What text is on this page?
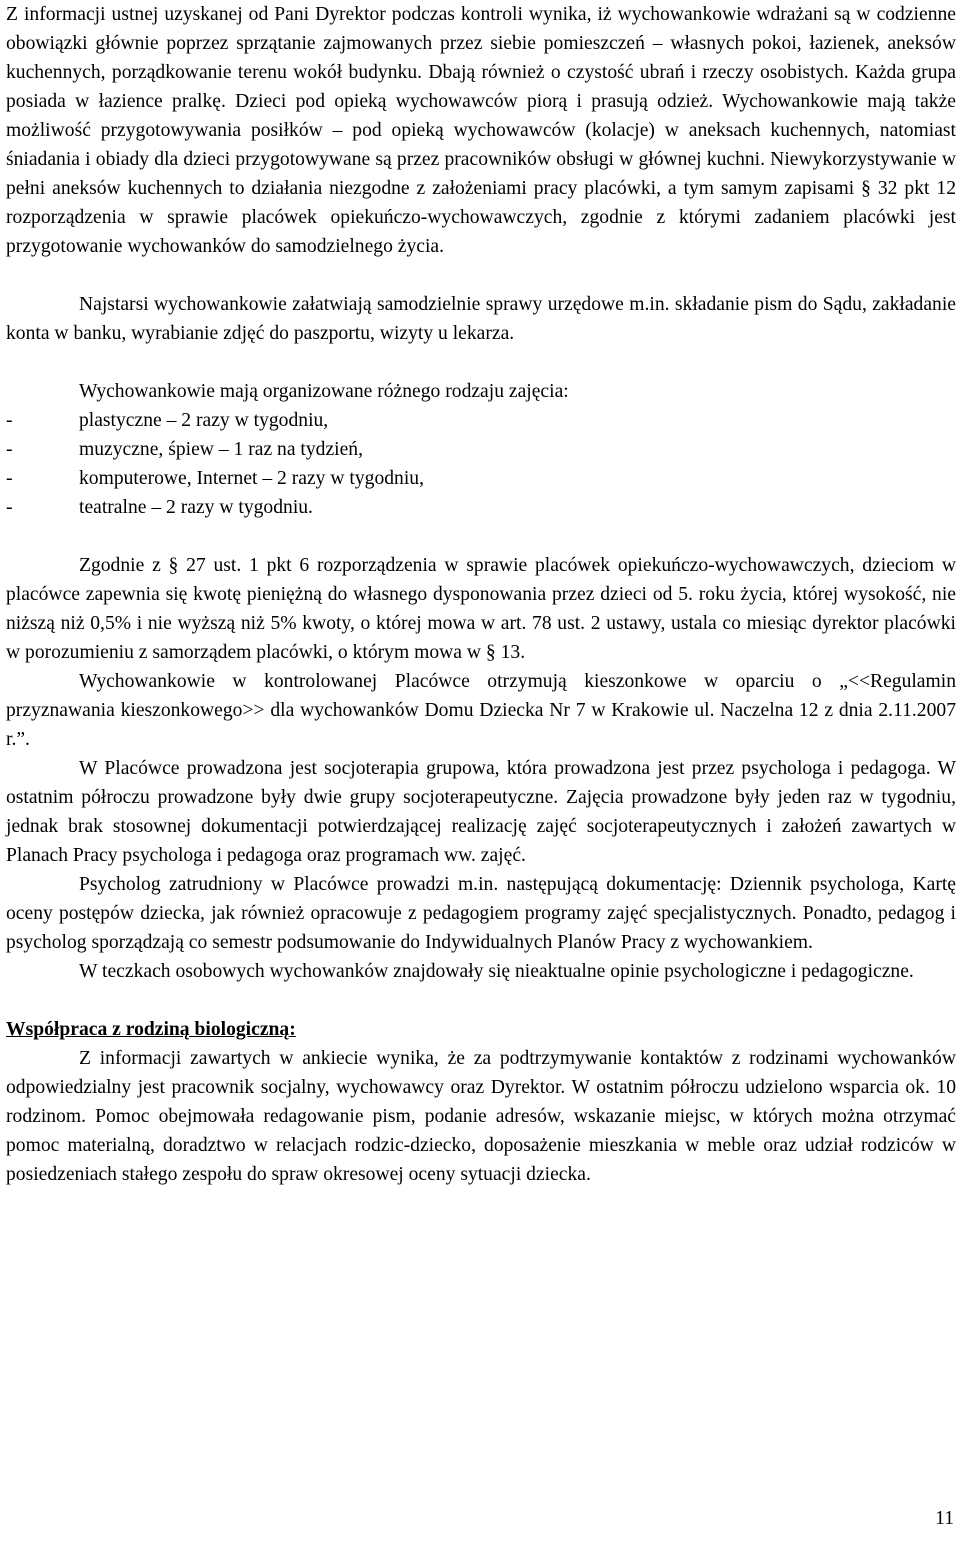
Z informacji ustnej uzyskanej od Pani Dyrektor podczas kontroli wynika, iż wychowankowie wdrażani są w codzienne obowiązki głównie poprzez sprzątanie zajmowanych przez siebie pomieszczeń – własnych pokoi, łazienek, aneksów kuchennych, porządkowanie terenu wokół budynku. Dbają również o czystość ubrań i rzeczy osobistych. Każda grupa posiada w łazience pralkę. Dzieci pod opieką wychowawców piorą i prasują odzież. Wychowankowie mają także możliwość przygotowywania posiłków – pod opieką wychowawców (kolacje) w aneksach kuchennych, natomiast śniadania i obiady dla dzieci przygotowywane są przez pracowników obsługi w głównej kuchni. Niewykorzystywanie w pełni aneksów kuchennych to działania niezgodne z założeniami pracy placówki, a tym samym zapisami § 32 pkt 12 rozporządzenia w sprawie placówek opiekuńczo-wychowawczych, zgodnie z którymi zadaniem placówki jest przygotowanie wychowanków do samodzielnego życia.

Najstarsi wychowankowie załatwiają samodzielnie sprawy urzędowe m.in. składanie pism do Sądu, zakładanie konta w banku, wyrabianie zdjęć do paszportu, wizyty u lekarza.

Wychowankowie mają organizowane różnego rodzaju zajęcia:

-	plastyczne – 2 razy w tygodniu,
-	muzyczne, śpiew – 1 raz na tydzień,
-	komputerowe, Internet – 2 razy w tygodniu,
-	teatralne – 2 razy w tygodniu.

Zgodnie z § 27 ust. 1 pkt 6 rozporządzenia w sprawie placówek opiekuńczo-wychowawczych, dzieciom w placówce zapewnia się kwotę pieniężną do własnego dysponowania przez dzieci od 5. roku życia, której wysokość, nie niższą niż 0,5% i nie wyższą niż 5% kwoty, o której mowa w art. 78 ust. 2 ustawy, ustala co miesiąc dyrektor placówki w porozumieniu z samorządem placówki, o którym mowa w § 13.

Wychowankowie w kontrolowanej Placówce otrzymują kieszonkowe w oparciu o „<<Regulamin przyznawania kieszonkowego>> dla wychowanków Domu Dziecka Nr 7 w Krakowie ul. Naczelna 12 z dnia 2.11.2007 r.”.

W Placówce prowadzona jest socjoterapia grupowa, która prowadzona jest przez psychologa i pedagoga. W ostatnim półroczu prowadzone były dwie grupy socjoterapeutyczne. Zajęcia prowadzone były jeden raz w tygodniu, jednak brak stosownej dokumentacji potwierdzającej realizację zajęć socjoterapeutycznych i założeń zawartych w Planach Pracy psychologa i pedagoga oraz programach ww. zajęć.

Psycholog zatrudniony w Placówce prowadzi m.in. następującą dokumentację: Dziennik psychologa, Kartę oceny postępów dziecka, jak również opracowuje z pedagogiem programy zajęć specjalistycznych. Ponadto, pedagog i psycholog sporządzają co semestr podsumowanie do Indywidualnych Planów Pracy z wychowankiem.

W teczkach osobowych wychowanków znajdowały się nieaktualne opinie psychologiczne i pedagogiczne.

Współpraca z rodziną biologiczną:

Z informacji zawartych w ankiecie wynika, że za podtrzymywanie kontaktów z rodzinami wychowanków odpowiedzialny jest pracownik socjalny, wychowawcy oraz Dyrektor. W ostatnim półroczu udzielono wsparcia ok. 10 rodzinom. Pomoc obejmowała redagowanie pism, podanie adresów, wskazanie miejsc, w których można otrzymać pomoc materialną, doradztwo w relacjach rodzic-dziecko, doposażenie mieszkania w meble oraz udział rodziców w posiedzeniach stałego zespołu do spraw okresowej oceny sytuacji dziecka.

11
